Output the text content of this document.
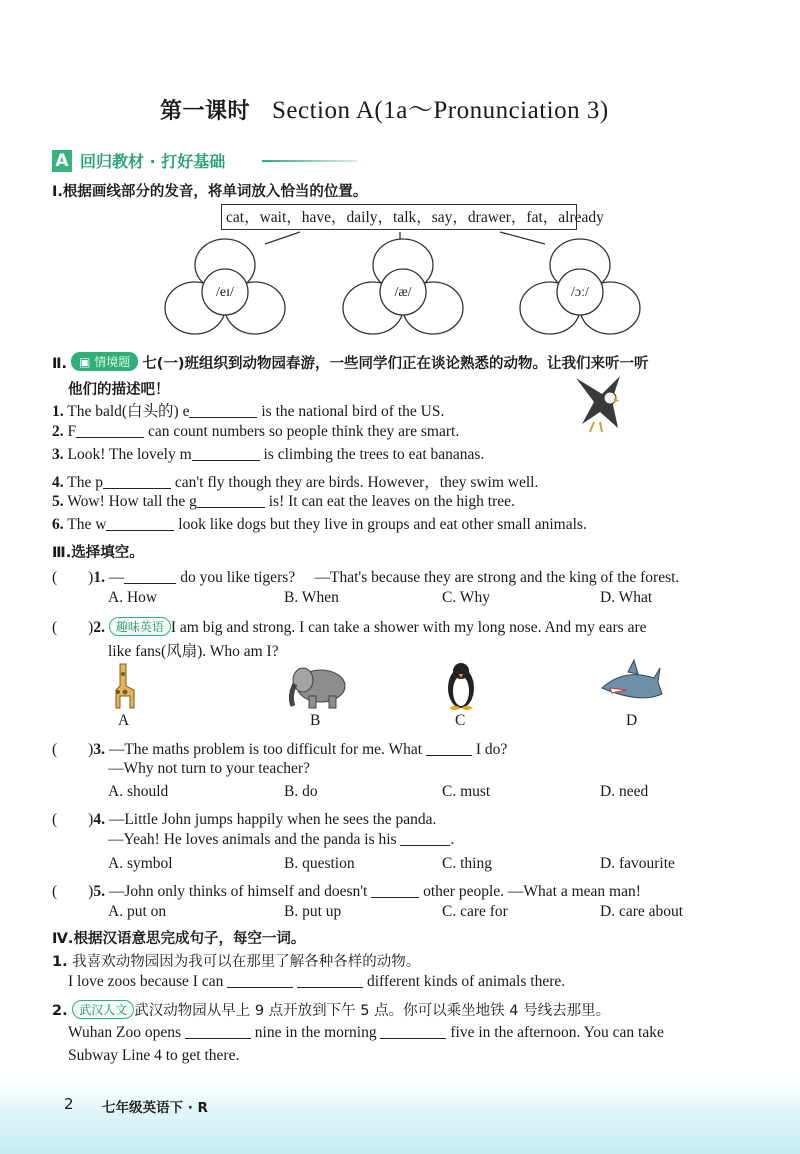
第一课时 Section A(1a～Pronunciation 3)
A 回归教材 · 打好基础
Ⅰ.根据画线部分的发音，将单词放入恰当的位置。
cat，wait，have，daily，talk，say，drawer，fat，already
/eɪ/	/æ/	/ɔː/
Ⅱ. ▣ 情境题 七(一)班组织到动物园春游，一些同学们正在谈论熟悉的动物。让我们来听一听
他们的描述吧！
1. The bald(白头的) e	is the national bird of the US.
2. F	can count numbers so people think they are smart.
3. Look! The lovely m	is climbing the trees to eat bananas.
4. The p	can't fly though they are birds. However，they swim well.
5. Wow! How tall the g	is! It can eat the leaves on the high tree.
6. The w	look like dogs but they live in groups and eat other small animals.
Ⅲ.选择填空。
(　　)1. —	do you like tigers?　 —That's because they are strong and the king of the forest.
A. How	B. When	C. Why	D. What
(　　)2. 趣味英语 I am big and strong. I can take a shower with my long nose. And my ears are
like fans(风扇). Who am I?
A	B	C	D
(　　)3. —The maths problem is too difficult for me. What	I do?
—Why not turn to your teacher?
A. should	B. do	C. must	D. need
(　　)4. —Little John jumps happily when he sees the panda.
—Yeah! He loves animals and the panda is his	.
A. symbol	B. question	C. thing	D. favourite
(　　)5. —John only thinks of himself and doesn't	other people. —What a mean man!
A. put on	B. put up	C. care for	D. care about
Ⅳ.根据汉语意思完成句子，每空一词。
1. 我喜欢动物园因为我可以在那里了解各种各样的动物。
I love zoos because I can	different kinds of animals there.
2. 武汉人文 武汉动物园从早上 9 点开放到下午 5 点。你可以乘坐地铁 4 号线去那里。
Wuhan Zoo opens	nine in the morning	five in the afternoon. You can take
Subway Line 4 to get there.
2 七年级英语下 · R
